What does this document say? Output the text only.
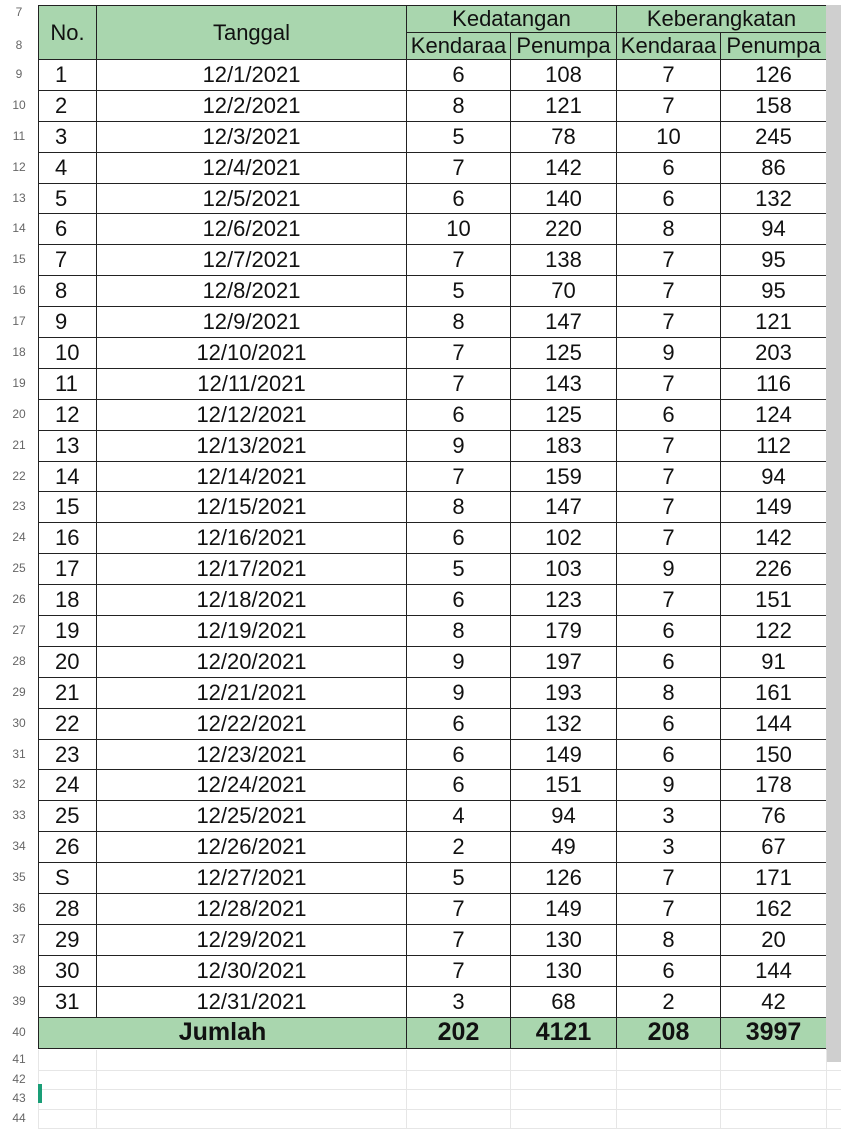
7
8
9
10
11
12
13
14
15
16
17
18
19
20
21
22
23
24
25
26
27
28
29
30
31
32
33
34
35
36
37
38
39
40
41
42
43
44
No.	Tanggal	Kedatangan		Keberangkatan	
		Kendaraa	Penumpa	Kendaraa	Penumpa
1	12/1/2021	6	108	7	126
2	12/2/2021	8	121	7	158
3	12/3/2021	5	78	10	245
4	12/4/2021	7	142	6	86
5	12/5/2021	6	140	6	132
6	12/6/2021	10	220	8	94
7	12/7/2021	7	138	7	95
8	12/8/2021	5	70	7	95
9	12/9/2021	8	147	7	121
10	12/10/2021	7	125	9	203
11	12/11/2021	7	143	7	116
12	12/12/2021	6	125	6	124
13	12/13/2021	9	183	7	112
14	12/14/2021	7	159	7	94
15	12/15/2021	8	147	7	149
16	12/16/2021	6	102	7	142
17	12/17/2021	5	103	9	226
18	12/18/2021	6	123	7	151
19	12/19/2021	8	179	6	122
20	12/20/2021	9	197	6	91
21	12/21/2021	9	193	8	161
22	12/22/2021	6	132	6	144
23	12/23/2021	6	149	6	150
24	12/24/2021	6	151	9	178
25	12/25/2021	4	94	3	76
26	12/26/2021	2	49	3	67
S	12/27/2021	5	126	7	171
28	12/28/2021	7	149	7	162
29	12/29/2021	7	130	8	20
30	12/30/2021	7	130	6	144
31	12/31/2021	3	68	2	42
Jumlah		202	4121	208	3997
